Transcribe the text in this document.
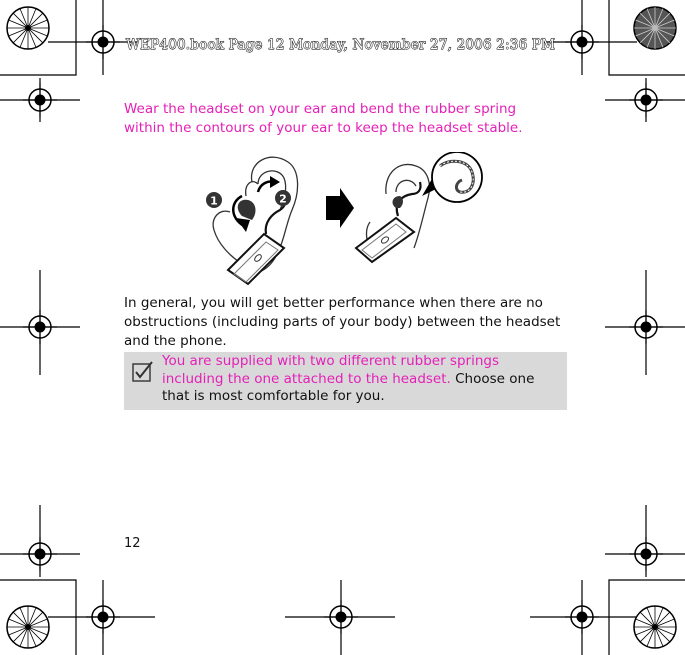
WEP400.book Page 12 Monday, November 27, 2006 2:36 PM
Wear the headset on your ear and bend the rubber spring within the contours of your ear to keep the headset stable.
1	2
In general, you will get better performance when there are no obstructions (including parts of your body) between the headset and the phone.
You are supplied with two different rubber springs including the one attached to the headset. Choose one that is most comfortable for you.
12
